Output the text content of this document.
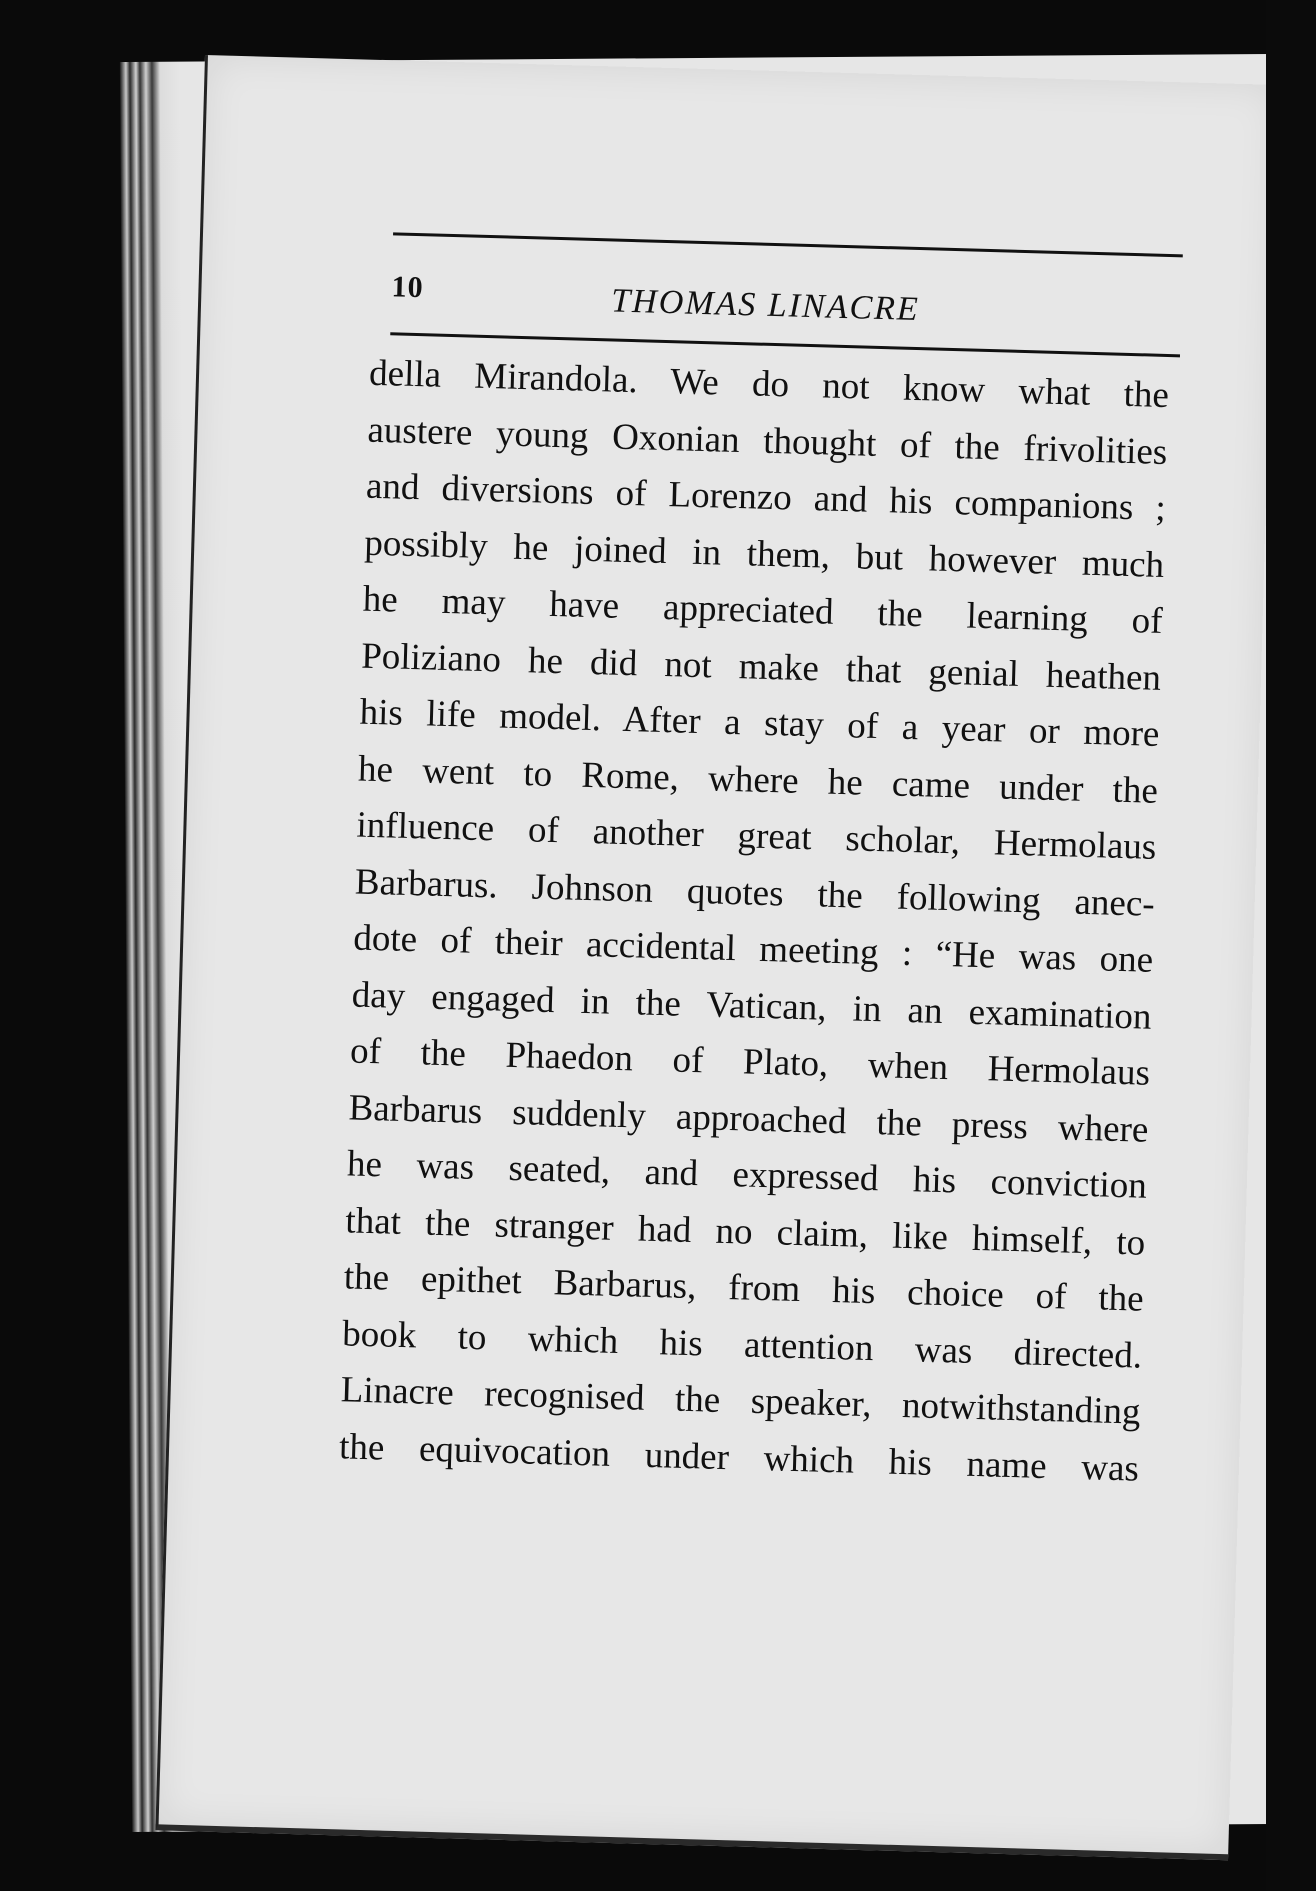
10	THOMAS LINACRE
della Mirandola. We do not know what the
austere young Oxonian thought of the frivolities
and diversions of Lorenzo and his companions ;
possibly he joined in them, but however much
he may have appreciated the learning of
Poliziano he did not make that genial heathen
his life model. After a stay of a year or more
he went to Rome, where he came under the
influence of another great scholar, Hermolaus
Barbarus. Johnson quotes the following anec-
dote of their accidental meeting : “He was one
day engaged in the Vatican, in an examination
of the Phaedon of Plato, when Hermolaus
Barbarus suddenly approached the press where
he was seated, and expressed his conviction
that the stranger had no claim, like himself, to
the epithet Barbarus, from his choice of the
book to which his attention was directed.
Linacre recognised the speaker, notwithstanding
the equivocation under which his name was
